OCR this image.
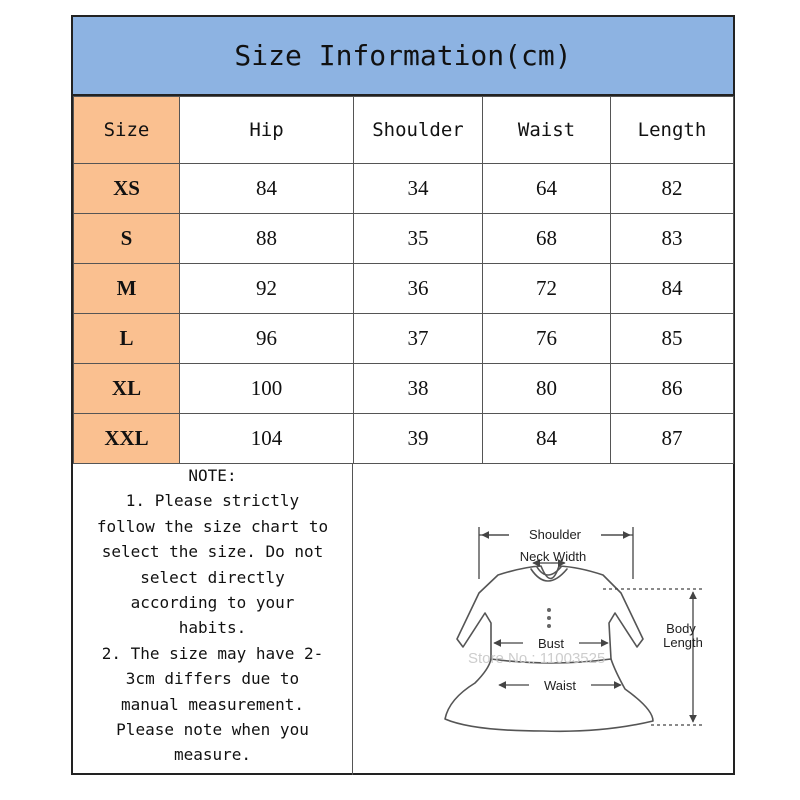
Size Information(cm)
Size	Hip	Shoulder	Waist	Length
XS	84	34	64	82
S	88	35	68	83
M	92	36	72	84
L	96	37	76	85
XL	100	38	80	86
XXL	104	39	84	87
NOTE:
1. Please strictly
follow the size chart to
select the size. Do not
select directly
according to your
habits.
2. The size may have 2-
3cm differs due to
manual measurement.
Please note when you
measure.
Shoulder
Neck Width
Bust
Waist
Body
Length
Store No.: 11003525
